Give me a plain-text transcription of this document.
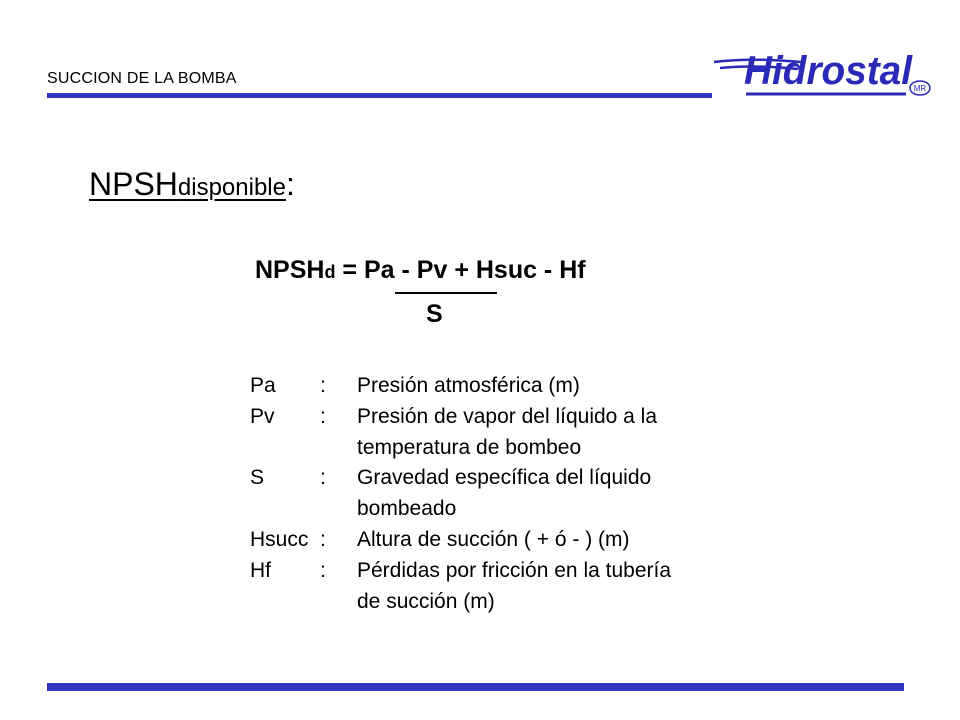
SUCCION DE LA BOMBA	Hidrostal MR
NPSHdisponible:
NPSHd = Pa - Pv + Hsuc - Hf
S
Pa : Presión atmosférica (m)
Pv : Presión de vapor del líquido a la
temperatura de bombeo
S	: Gravedad específica del líquido
bombeado
Hsucc : Altura de succión ( + ó - ) (m)
Hf : Pérdidas por fricción en la tubería
de succión (m)
